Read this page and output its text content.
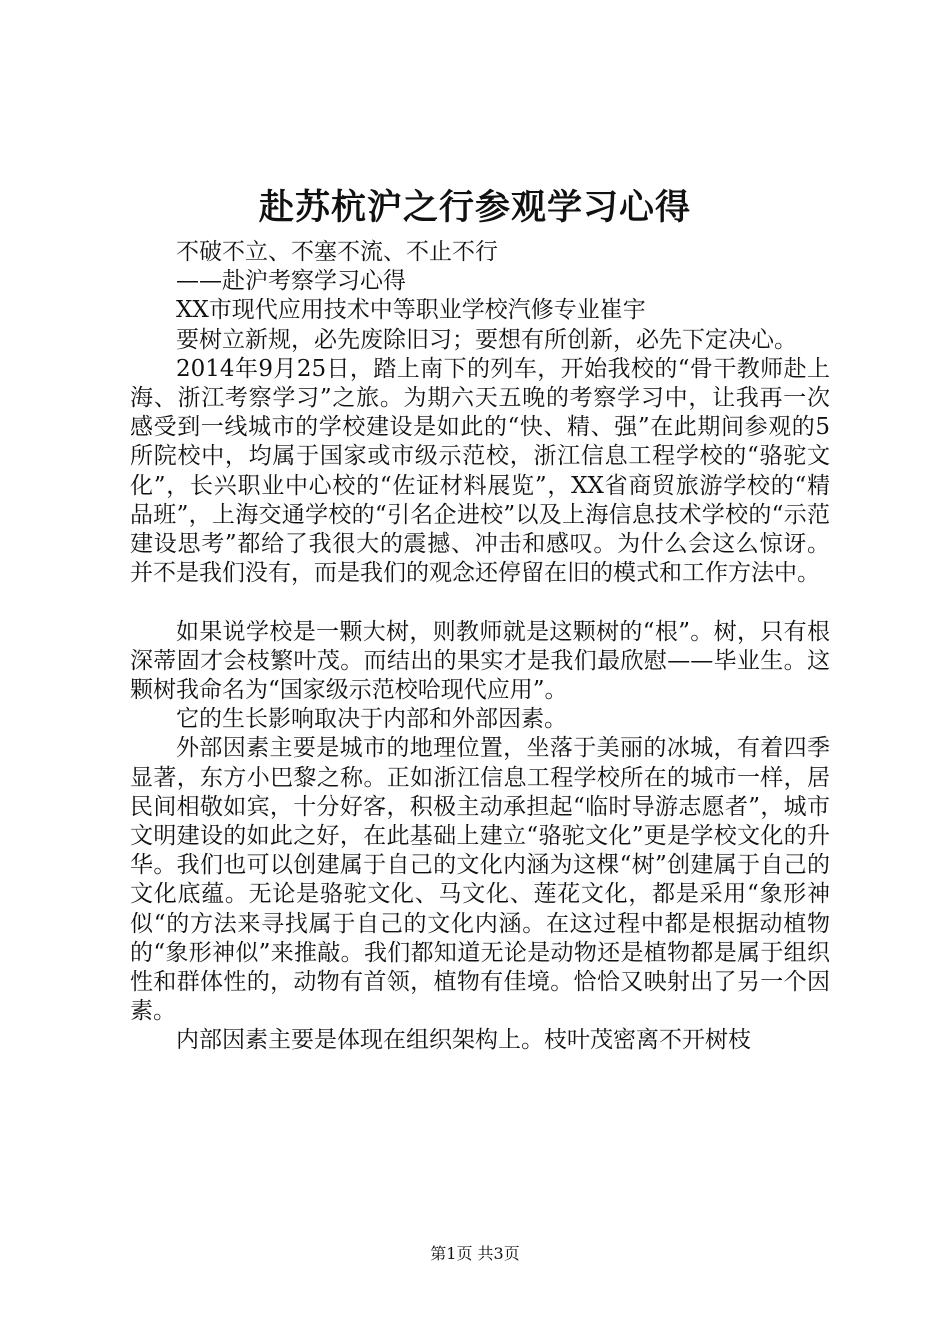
赴苏杭沪之行参观学习心得

不破不立、不塞不流、不止不行

——赴沪考察学习心得

XX市现代应用技术中等职业学校汽修专业崔宇

要树立新规，必先废除旧习；要想有所创新，必先下定决心。

2014年9月25日，踏上南下的列车，开始我校的“骨干教师赴上海、浙江考察学习”之旅。为期六天五晚的考察学习中，让我再一次感受到一线城市的学校建设是如此的“快、精、强”在此期间参观的5所院校中，均属于国家或市级示范校，浙江信息工程学校的“骆驼文化”，长兴职业中心校的“佐证材料展览”，XX省商贸旅游学校的“精品班”，上海交通学校的“引名企进校”以及上海信息技术学校的“示范建设思考”都给了我很大的震撼、冲击和感叹。为什么会这么惊讶。并不是我们没有，而是我们的观念还停留在旧的模式和工作方法中。

如果说学校是一颗大树，则教师就是这颗树的“根”。树，只有根深蒂固才会枝繁叶茂。而结出的果实才是我们最欣慰——毕业生。这颗树我命名为“国家级示范校哈现代应用”。

它的生长影响取决于内部和外部因素。

外部因素主要是城市的地理位置，坐落于美丽的冰城，有着四季显著，东方小巴黎之称。正如浙江信息工程学校所在的城市一样，居民间相敬如宾，十分好客，积极主动承担起“临时导游志愿者”，城市文明建设的如此之好，在此基础上建立“骆驼文化”更是学校文化的升华。我们也可以创建属于自己的文化内涵为这棵“树”创建属于自己的文化底蕴。无论是骆驼文化、马文化、莲花文化，都是采用“象形神似“的方法来寻找属于自己的文化内涵。在这过程中都是根据动植物的“象形神似”来推敲。我们都知道无论是动物还是植物都是属于组织性和群体性的，动物有首领，植物有佳境。恰恰又映射出了另一个因素。

内部因素主要是体现在组织架构上。枝叶茂密离不开树枝

第1页 共3页
